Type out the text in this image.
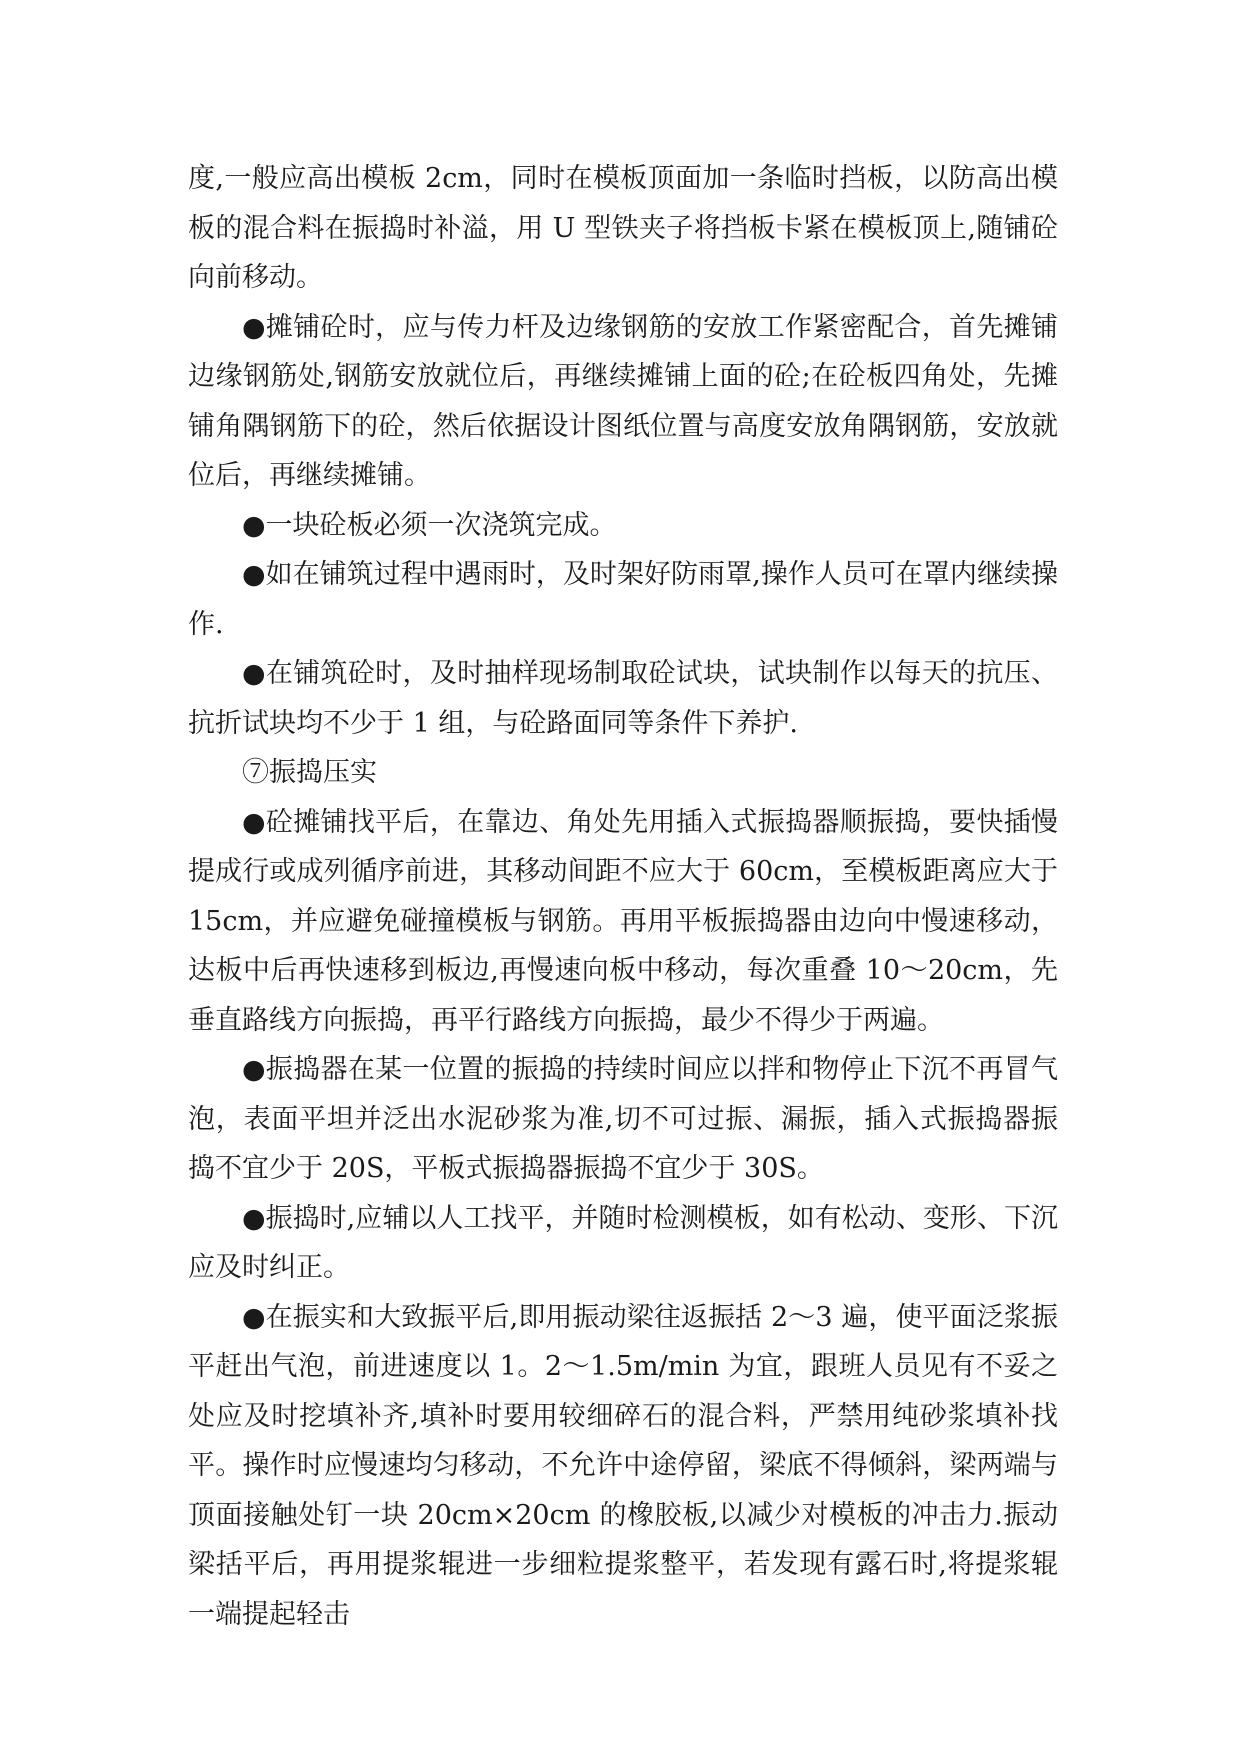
度,一般应高出模板 2cm，同时在模板顶面加一条临时挡板，以防高出模板的混合料在振捣时补溢，用 U 型铁夹子将挡板卡紧在模板顶上,随铺砼向前移动。

●摊铺砼时，应与传力杆及边缘钢筋的安放工作紧密配合，首先摊铺边缘钢筋处,钢筋安放就位后，再继续摊铺上面的砼;在砼板四角处，先摊铺角隅钢筋下的砼，然后依据设计图纸位置与高度安放角隅钢筋，安放就位后，再继续摊铺。

●一块砼板必须一次浇筑完成。

●如在铺筑过程中遇雨时，及时架好防雨罩,操作人员可在罩内继续操作.

●在铺筑砼时，及时抽样现场制取砼试块，试块制作以每天的抗压、抗折试块均不少于 1 组，与砼路面同等条件下养护.

⑦振捣压实

●砼摊铺找平后，在靠边、角处先用插入式振捣器顺振捣，要快插慢提成行或成列循序前进，其移动间距不应大于 60cm，至模板距离应大于15cm，并应避免碰撞模板与钢筋。再用平板振捣器由边向中慢速移动，达板中后再快速移到板边,再慢速向板中移动，每次重叠 10～20cm，先垂直路线方向振捣，再平行路线方向振捣，最少不得少于两遍。

●振捣器在某一位置的振捣的持续时间应以拌和物停止下沉不再冒气泡，表面平坦并泛出水泥砂浆为准,切不可过振、漏振，插入式振捣器振捣不宜少于 20S，平板式振捣器振捣不宜少于 30S。

●振捣时,应辅以人工找平，并随时检测模板，如有松动、变形、下沉应及时纠正。

●在振实和大致振平后,即用振动梁往返振括 2～3 遍，使平面泛浆振平赶出气泡，前进速度以 1。2～1.5m/min 为宜，跟班人员见有不妥之处应及时挖填补齐,填补时要用较细碎石的混合料，严禁用纯砂浆填补找平。操作时应慢速均匀移动，不允许中途停留，梁底不得倾斜，梁两端与顶面接触处钉一块 20cm×20cm 的橡胶板,以减少对模板的冲击力.振动梁括平后，再用提浆辊进一步细粒提浆整平，若发现有露石时,将提浆辊一端提起轻击
